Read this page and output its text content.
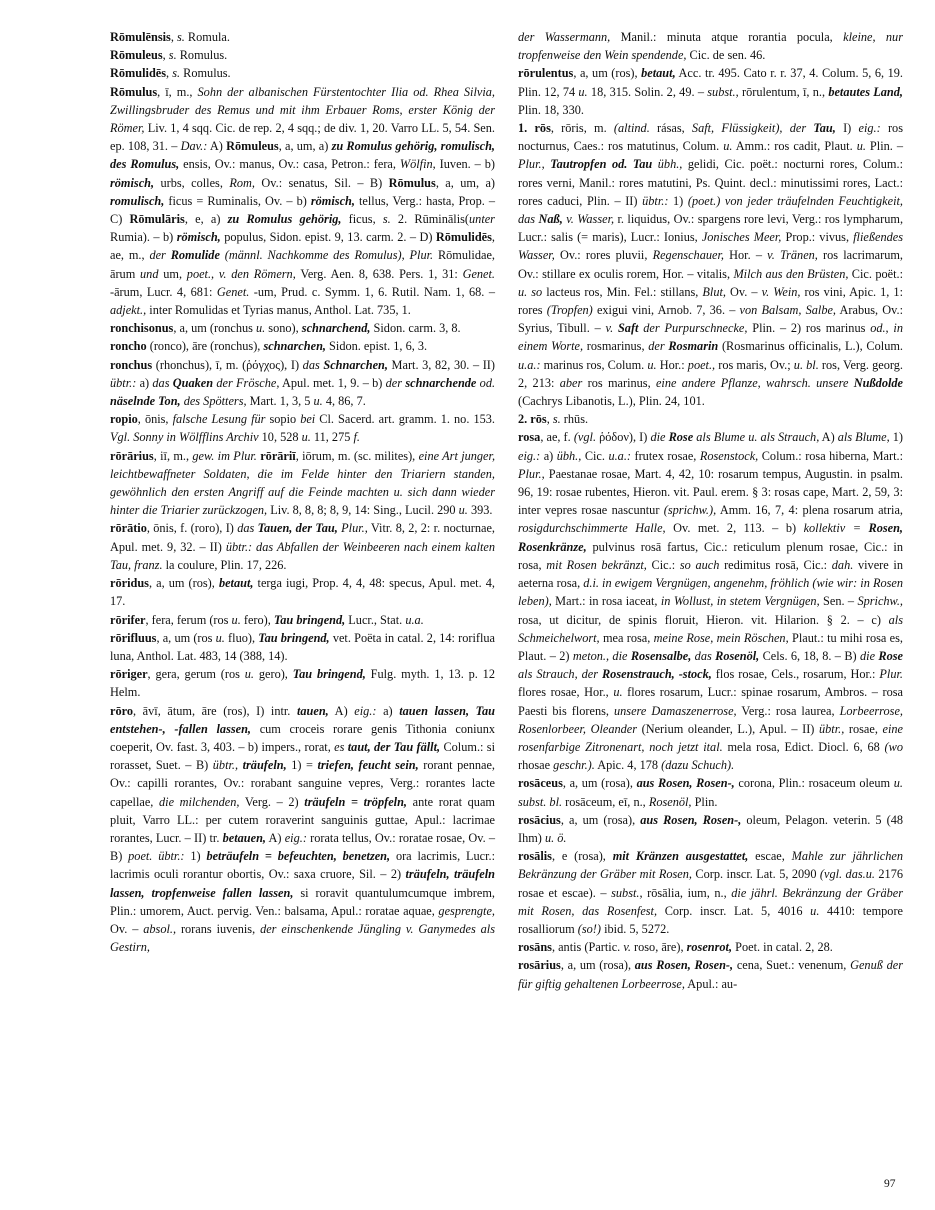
Rōmulēnsis, s. Romula.

Rōmuleus, s. Romulus.

Rōmulidēs, s. Romulus.

Rōmulus, ī, m., Sohn der albanischen Fürstentochter Ilia od. Rhea Silvia, Zwillingsbruder des Remus und mit ihm Erbauer Roms, erster König der Römer, Liv. 1, 4 sqq. Cic. de rep. 2, 4 sqq.; de div. 1, 20. Varro LL. 5, 54. Sen. ep. 108, 31. – Dav.: A) Rōmuleus, a, um, a) zu Romulus gehörig, romulisch, des Romulus, ensis, Ov.: manus, Ov.: casa, Petron.: fera, Wölfin, Iuven. – b) römisch, urbs, colles, Rom, Ov.: senatus, Sil. – B) Rōmulus, a, um, a) romulisch, ficus = Ruminalis, Ov. – b) römisch, tellus, Verg.: hasta, Prop. – C) Rōmulāris, e, a) zu Romulus gehörig, ficus, s. 2. Rūminālis(unter Rumia). – b) römisch, populus, Sidon. epist. 9, 13. carm. 2. – D) Rōmulidēs, ae, m., der Romulide (männl. Nachkomme des Romulus), Plur. Rōmulidae, ārum und um, poet., v. den Römern, Verg. Aen. 8, 638. Pers. 1, 31: Genet. -ārum, Lucr. 4, 681: Genet. -um, Prud. c. Symm. 1, 6. Rutil. Nam. 1, 68. – adjekt., inter Romulidas et Tyrias manus, Anthol. Lat. 735, 1.

ronchisonus, a, um (ronchus u. sono), schnarchend, Sidon. carm. 3, 8.

roncho (ronco), āre (ronchus), schnarchen, Sidon. epist. 1, 6, 3.

ronchus (rhonchus), ī, m. (ῥόγχος), I) das Schnarchen, Mart. 3, 82, 30. – II) übtr.: a) das Quaken der Frösche, Apul. met. 1, 9. – b) der schnarchende od. näselnde Ton, des Spötters, Mart. 1, 3, 5 u. 4, 86, 7.

ropio, ōnis, falsche Lesung für sopio bei Cl. Sacerd. art. gramm. 1. no. 153. Vgl. Sonny in Wölfflins Archiv 10, 528 u. 11, 275 f.

rōrārius, iī, m., gew. im Plur. rōrāriī, iōrum, m. (sc. milites), eine Art junger, leichtbewaffneter Soldaten, die im Felde hinter den Triariern standen, gewöhnlich den ersten Angriff auf die Feinde machten u. sich dann wieder hinter die Triarier zurückzogen, Liv. 8, 8, 8; 8, 9, 14: Sing., Lucil. 290 u. 393.

rōrātio, ōnis, f. (roro), I) das Tauen, der Tau, Plur., Vitr. 8, 2, 2: r. nocturnae, Apul. met. 9, 32. – II) übtr.: das Abfallen der Weinbeeren nach einem kalten Tau, franz. la coulure, Plin. 17, 226.

rōridus, a, um (ros), betaut, terga iugi, Prop. 4, 4, 48: specus, Apul. met. 4, 17.

rōrifer, fera, ferum (ros u. fero), Tau bringend, Lucr., Stat. u.a.

rōrifluus, a, um (ros u. fluo), Tau bringend, vet. Poëta in catal. 2, 14: rorіflua luna, Anthol. Lat. 483, 14 (388, 14).

rōriger, gera, gerum (ros u. gero), Tau bringend, Fulg. myth. 1, 13. p. 12 Helm.

rōro, āvī, ātum, āre (ros), I) intr. tauen, A) eig.: a) tauen lassen, Tau entstehen-, -fallen lassen, cum croceis rorare genis Tithonia coniunx coeperit, Ov. fast. 3, 403. – b) impers., rorat, es taut, der Tau fällt, Colum.: si rorasset, Suet. – B) übtr., träufeln, 1) = triefen, feucht sein, rorant pennae, Ov.: capilli rorantes, Ov.: rorabant sanguine vepres, Verg.: rorantes lacte capellae, die milchenden, Verg. – 2) träufeln = tröpfeln, ante rorat quam pluit, Varro LL.: per cutem rorаverint sanguinis guttae, Apul.: lacrimae rorantes, Lucr. – II) tr. betauen, A) eig.: rorata tellus, Ov.: roratae rosae, Ov. – B) poet. übtr.: 1) beträufeln = befeuchten, benetzen, ora lacrimis, Lucr.: lacrimis oculi rorantur obortis, Ov.: saxa cruore, Sil. – 2) träufeln, träufeln lassen, tropfenweise fallen lassen, si roravit quantulumcumque imbrem, Plin.: umorem, Auct. pervig. Ven.: balsama, Apul.: roratae aquae, gesprengte, Ov. – absol., rorans iuvenis, der einschenkende Jüngling v. Ganymedes als Gestirn,

der Wassermann, Manil.: minuta atque rorantia pocula, kleine, nur tropfenweise den Wein spendende, Cic. de sen. 46.

rōrulentus, a, um (ros), betaut, Acc. tr. 495. Cato r. r. 37, 4. Colum. 5, 6, 19. Plin. 12, 74 u. 18, 315. Solin. 2, 49. – subst., rōrulentum, ī, n., betautes Land, Plin. 18, 330.

1. rōs, rōris, m. (altind. rásas, Saft, Flüssigkeit), der Tau, I) eig.: ros nocturnus, Caes.: ros matutinus, Colum. u. Amm.: ros cadit, Plaut. u. Plin. – Plur., Tautropfen od. Tau übh., gelidi, Cic. poët.: nocturni rores, Colum.: rores verni, Manil.: rores matutini, Ps. Quint. decl.: minutissimi rores, Lact.: rores caduci, Plin. – II) übtr.: 1) (poet.) von jeder träufelnden Feuchtigkeit, das Naß, v. Wasser, r. liquidus, Ov.: spargens rore levi, Verg.: ros lymphаrum, Lucr.: salis (= maris), Lucr.: Ionius, Jonisches Meer, Prop.: vivus, fließendes Wasser, Ov.: rores pluvii, Regenschauer, Hor. – v. Tränen, ros lacrimarum, Ov.: stillare ex oculis rorem, Hor. – vitalis, Milch aus den Brüsten, Cic. poët.: u. so lacteus ros, Min. Fel.: stillans, Blut, Ov. – v. Wein, ros vini, Apic. 1, 1: rores (Tropfen) exigui vini, Arnob. 7, 36. – von Balsam, Salbe, Arabus, Ov.: Syrius, Tibull. – v. Saft der Purpurschnecke, Plin. – 2) ros marinus od., in einem Worte, rosmarinus, der Rosmarin (Rosmarinus officinalis, L.), Colum. u.a.: marinus ros, Colum. u. Hor.: poet., ros maris, Ov.; u. bl. ros, Verg. georg. 2, 213: aber ros marinus, eine andere Pflanze, wahrsch. unsere Nußdolde (Cachrys Libanotis, L.), Plin. 24, 101.

2. rōs, s. rhūs.

rosa, ae, f. (vgl. ῥόδον), I) die Rose als Blume u. als Strauch, A) als Blume, 1) eig.: a) übh., Cic. u.a.: frutex rosae, Rosenstock, Colum.: rosa hiberna, Mart.: Plur., Paestanae rosae, Mart. 4, 42, 10: rosarum tempus, Augustin. in psalm. 96, 19: rosae rubentes, Hieron. vit. Paul. erem. § 3: rosas cape, Mart. 2, 59, 3: inter vepres rosae nascuntur (sprichw.), Amm. 16, 7, 4: plena rosarum atria, rosigdurchschimmerte Halle, Ov. met. 2, 113. – b) kollektiv = Rosen, Rosenkränze, pulvinus rosā fartus, Cic.: reticulum plenum rosae, Cic.: in rosa, mit Rosen bekränzt, Cic.: so auch redimitus rosā, Cic.: dah. vivere in aeterna rosa, d.i. in ewigem Vergnügen, angenehm, fröhlich (wie wir: in Rosen leben), Mart.: in rosa iaceat, in Wollust, in stetem Vergnügen, Sen. – Sprichw., rosa, ut dicitur, de spinis floruit, Hieron. vit. Hilarion. § 2. – c) als Schmeichelwort, mea rosa, meine Rose, mein Röschen, Plaut.: tu mihi rosa es, Plaut. – 2) meton., die Rosensalbe, das Rosenöl, Cels. 6, 18, 8. – B) die Rose als Strauch, der Rosenstrauch, -stock, flos rosae, Cels., rosarum, Hor.: Plur. flores rosae, Hor., u. flores rosarum, Lucr.: spinae rosarum, Ambros. – rosa Paesti bis florens, unsere Damaszenerrose, Verg.: rosa laurea, Lorbeerrose, Rosenlorbeer, Oleander (Nerium oleander, L.), Apul. – II) übtr., rosae, eine rosenfarbige Zitronenart, noch jetzt ital. mela rosa, Edict. Diocl. 6, 68 (wo rhosae geschr.). Apic. 4, 178 (dazu Schuch).

rosāceus, a, um (rosa), aus Rosen, Rosen-, corona, Plin.: rosaceum oleum u. subst. bl. rosāceum, eī, n., Rosenöl, Plin.

rosācius, a, um (rosa), aus Rosen, Rosen-, oleum, Pelagon. veterin. 5 (48 Ihm) u. ö.

rosālis, e (rosa), mit Kränzen ausgestattet, escae, Mahle zur jährlichen Bekränzung der Gräber mit Rosen, Corp. inscr. Lat. 5, 2090 (vgl. das.u. 2176 rosae et escae). – subst., rōsālia, ium, n., die jährl. Bekränzung der Gräber mit Rosen, das Rosenfest, Corp. inscr. Lat. 5, 4016 u. 4410: tempore rosalliorum (so!) ibid. 5, 5272.

rosāns, antis (Partic. v. roso, āre), rosenrot, Poet. in catal. 2, 28.

rosārius, a, um (rosa), aus Rosen, Rosen-, cena, Suet.: venenum, Genuß der für giftig gehaltenen Lorbeerrose, Apul.: au-

97
